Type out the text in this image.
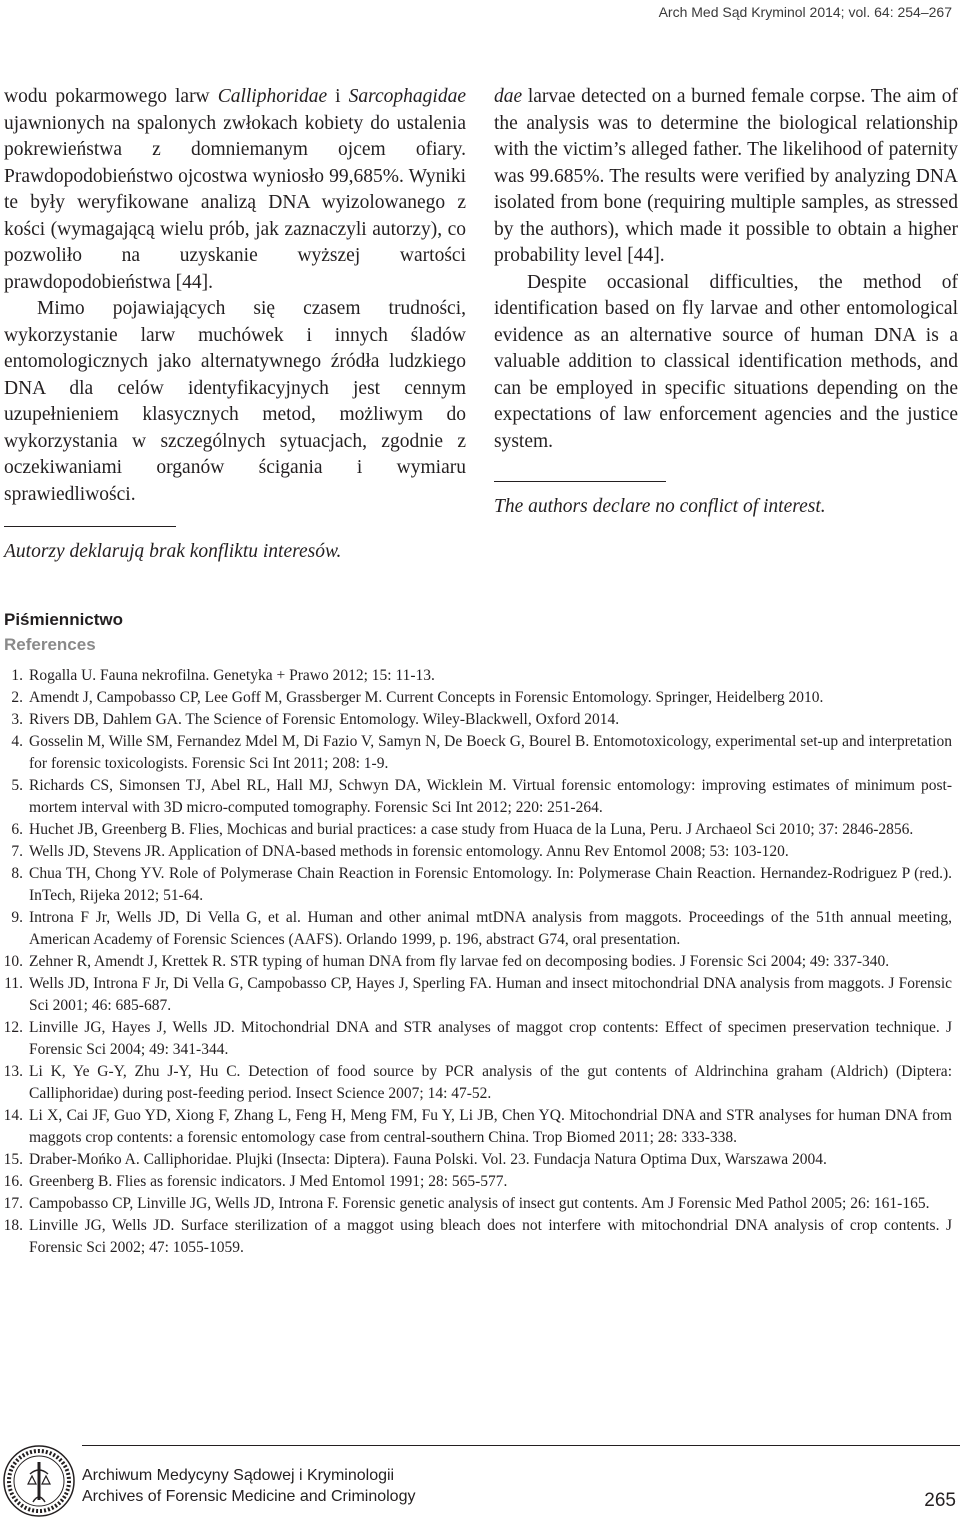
Arch Med Sąd Kryminol 2014; vol. 64: 254–267

wodu pokarmowego larw Calliphoridae i Sarcophagidae ujawnionych na spalonych zwłokach kobiety do ustalenia pokrewieństwa z domniemanym ojcem ofiary. Prawdopodobieństwo ojcostwa wyniosło 99,685%. Wyniki te były weryfikowane analizą DNA wyizolowanego z kości (wymagającą wielu prób, jak zaznaczyli autorzy), co pozwoliło na uzyskanie wyższej wartości prawdopodobieństwa [44].

Mimo pojawiających się czasem trudności, wykorzystanie larw muchówek i innych śladów entomologicznych jako alternatywnego źródła ludzkiego DNA dla celów identyfikacyjnych jest cennym uzupełnieniem klasycznych metod, możliwym do wykorzystania w szczególnych sytuacjach, zgodnie z oczekiwaniami organów ścigania i wymiaru sprawiedliwości.

Autorzy deklarują brak konfliktu interesów.

dae larvae detected on a burned female corpse. The aim of the analysis was to determine the biological relationship with the victim’s alleged father. The likelihood of paternity was 99.685%. The results were verified by analyzing DNA isolated from bone (requiring multiple samples, as stressed by the authors), which made it possible to obtain a higher probability level [44].

Despite occasional difficulties, the method of identification based on fly larvae and other entomological evidence as an alternative source of human DNA is a valuable addition to classical identification methods, and can be employed in specific situations depending on the expectations of law enforcement agencies and the justice system.

The authors declare no conflict of interest.
Piśmiennictwo
References
1. Rogalla U. Fauna nekrofilna. Genetyka + Prawo 2012; 15: 11-13.
2. Amendt J, Campobasso CP, Lee Goff M, Grassberger M. Current Concepts in Forensic Entomology. Springer, Heidelberg 2010.
3. Rivers DB, Dahlem GA. The Science of Forensic Entomology. Wiley-Blackwell, Oxford 2014.
4. Gosselin M, Wille SM, Fernandez Mdel M, Di Fazio V, Samyn N, De Boeck G, Bourel B. Entomotoxicology, experimental set-up and interpretation for forensic toxicologists. Forensic Sci Int 2011; 208: 1-9.
5. Richards CS, Simonsen TJ, Abel RL, Hall MJ, Schwyn DA, Wicklein M. Virtual forensic entomology: improving estimates of minimum post-mortem interval with 3D micro-computed tomography. Forensic Sci Int 2012; 220: 251-264.
6. Huchet JB, Greenberg B. Flies, Mochicas and burial practices: a case study from Huaca de la Luna, Peru. J Archaeol Sci 2010; 37: 2846-2856.
7. Wells JD, Stevens JR. Application of DNA-based methods in forensic entomology. Annu Rev Entomol 2008; 53: 103-120.
8. Chua TH, Chong YV. Role of Polymerase Chain Reaction in Forensic Entomology. In: Polymerase Chain Reaction. Hernandez-Rodriguez P (red.). InTech, Rijeka 2012; 51-64.
9. Introna F Jr, Wells JD, Di Vella G, et al. Human and other animal mtDNA analysis from maggots. Proceedings of the 51th annual meeting, American Academy of Forensic Sciences (AAFS). Orlando 1999, p. 196, abstract G74, oral presentation.
10. Zehner R, Amendt J, Krettek R. STR typing of human DNA from fly larvae fed on decomposing bodies. J Forensic Sci 2004; 49: 337-340.
11. Wells JD, Introna F Jr, Di Vella G, Campobasso CP, Hayes J, Sperling FA. Human and insect mitochondrial DNA analysis from maggots. J Forensic Sci 2001; 46: 685-687.
12. Linville JG, Hayes J, Wells JD. Mitochondrial DNA and STR analyses of maggot crop contents: Effect of specimen preservation technique. J Forensic Sci 2004; 49: 341-344.
13. Li K, Ye G-Y, Zhu J-Y, Hu C. Detection of food source by PCR analysis of the gut contents of Aldrinchina graham (Aldrich) (Diptera: Calliphoridae) during post-feeding period. Insect Science 2007; 14: 47-52.
14. Li X, Cai JF, Guo YD, Xiong F, Zhang L, Feng H, Meng FM, Fu Y, Li JB, Chen YQ. Mitochondrial DNA and STR analyses for human DNA from maggots crop contents: a forensic entomology case from central-southern China. Trop Biomed 2011; 28: 333-338.
15. Draber-Mońko A. Calliphoridae. Plujki (Insecta: Diptera). Fauna Polski. Vol. 23. Fundacja Natura Optima Dux, Warszawa 2004.
16. Greenberg B. Flies as forensic indicators. J Med Entomol 1991; 28: 565-577.
17. Campobasso CP, Linville JG, Wells JD, Introna F. Forensic genetic analysis of insect gut contents. Am J Forensic Med Pathol 2005; 26: 161-165.
18. Linville JG, Wells JD. Surface sterilization of a maggot using bleach does not interfere with mitochondrial DNA analysis of crop contents. J Forensic Sci 2002; 47: 1055-1059.
Archiwum Medycyny Sądowej i Kryminologii
Archives of Forensic Medicine and Criminology	265
